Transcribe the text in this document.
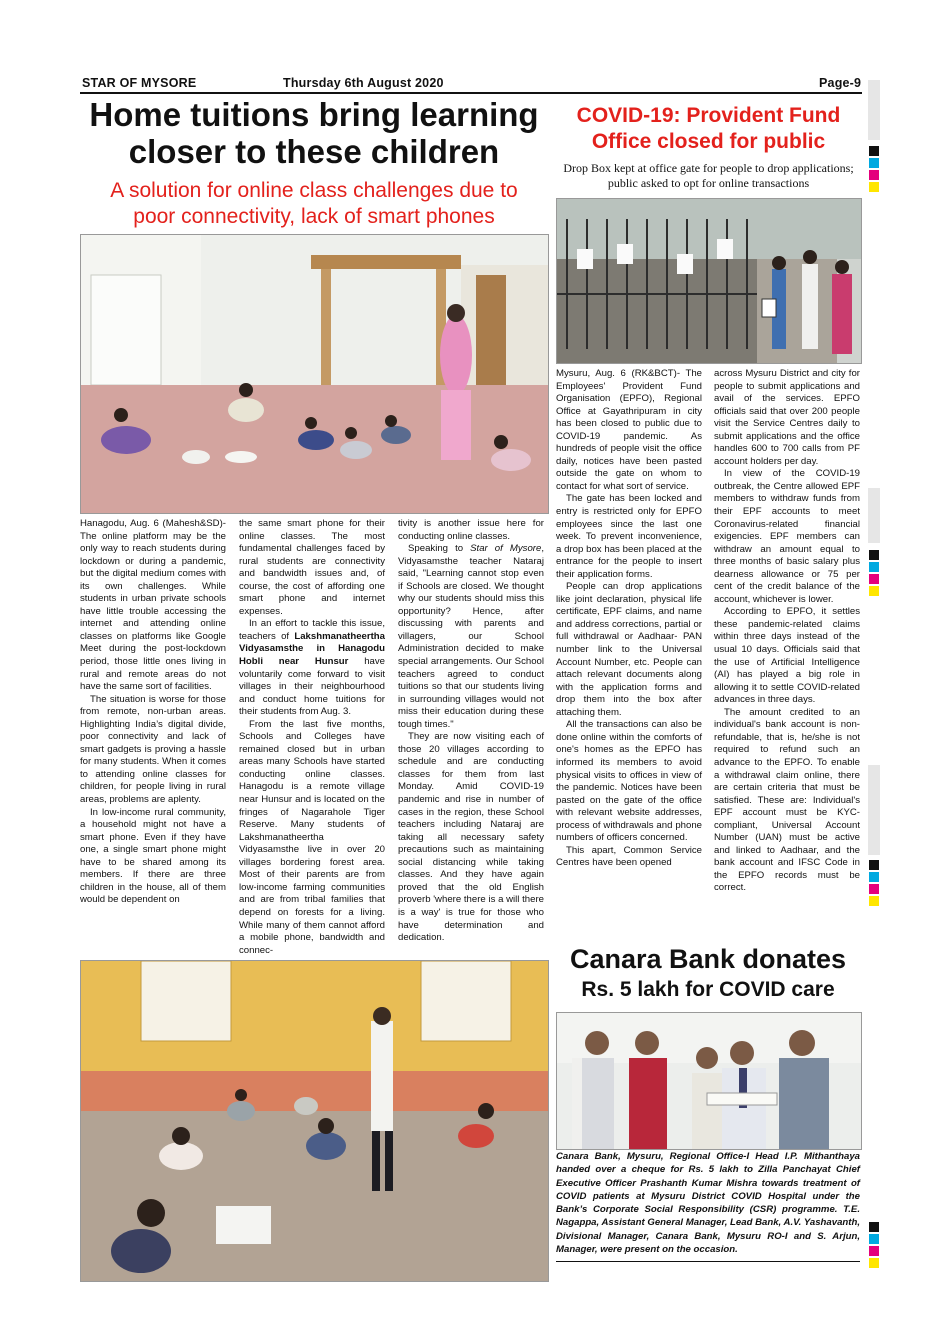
STAR OF MYSORE	Thursday 6th August 2020	Page-9
Home tuitions bring learning
closer to these children
A solution for online class challenges due to
poor connectivity, lack of smart phones

Hanagodu, Aug. 6 (Mahesh&SD)- The online platform may be the only way to reach students during lockdown or during a pandemic, but the digital medium comes with its own challenges. While students in urban private schools have little trouble accessing the internet and attending online classes on platforms like Google Meet during the post-lockdown period, those little ones living in rural and remote areas do not have the same sort of facilities.

The situation is worse for those from remote, non-urban areas. Highlighting India’s digital divide, poor connectivity and lack of smart gadgets is proving a hassle for many students. When it comes to attending online classes for children, for people living in rural areas, problems are aplenty.

In low-income rural community, a household might not have a smart phone. Even if they have one, a single smart phone might have to be shared among its members. If there are three children in the house, all of them would be dependent on

the same smart phone for their online classes. The most fundamental challenges faced by rural students are connectivity and bandwidth issues and, of course, the cost of affording one smart phone and internet expenses.

In an effort to tackle this issue, teachers of Lakshmanatheertha Vidyasamsthe in Hanagodu Hobli near Hunsur have voluntarily come forward to visit villages in their neighbourhood and conduct home tuitions for their students from Aug. 3.

From the last five months, Schools and Colleges have remained closed but in urban areas many Schools have started conducting online classes. Hanagodu is a remote village near Hunsur and is located on the fringes of Nagarahole Tiger Reserve. Many students of Lakshmanatheertha Vidyasamsthe live in over 20 villages bordering forest area. Most of their parents are from low-income farming communities and are from tribal families that depend on forests for a living. While many of them cannot afford a mobile phone, bandwidth and connec-

tivity is another issue here for conducting online classes.

Speaking to Star of Mysore, Vidyasamsthe teacher Nataraj said, "Learning cannot stop even if Schools are closed. We thought why our students should miss this opportunity? Hence, after discussing with parents and villagers, our School Administration decided to make special arrangements. Our School teachers agreed to conduct tuitions so that our students living in surrounding villages would not miss their education during these tough times."

They are now visiting each of those 20 villages according to schedule and are conducting classes for them from last Monday. Amid COVID-19 pandemic and rise in number of cases in the region, these School teachers including Nataraj are taking all necessary safety precautions such as maintaining social distancing while taking classes. And they have again proved that the old English proverb 'where there is a will there is a way' is true for those who have determination and dedication.

COVID-19: Provident Fund
Office closed for public
Drop Box kept at office gate for people to drop applications;
public asked to opt for online transactions

Mysuru, Aug. 6 (RK&BCT)- The Employees' Provident Fund Organisation (EPFO), Regional Office at Gayathripuram in city has been closed to public due to COVID-19 pandemic. As hundreds of people visit the office daily, notices have been pasted outside the gate on whom to contact for what sort of service.

The gate has been locked and entry is restricted only for EPFO employees since the last one week. To prevent inconvenience, a drop box has been placed at the entrance for the people to insert their application forms.

People can drop applications like joint declaration, physical life certificate, EPF claims, and name and address corrections, partial or full withdrawal or Aadhaar- PAN number link to the Universal Account Number, etc. People can attach relevant documents along with the application forms and drop them into the box after attaching them.

All the transactions can also be done online within the comforts of one's homes as the EPFO has informed its members to avoid physical visits to offices in view of the pandemic. Notices have been pasted on the gate of the office with relevant website addresses, process of withdrawals and phone numbers of officers concerned.

This apart, Common Service Centres have been opened

across Mysuru District and city for people to submit applications and avail of the services. EPFO officials said that over 200 people visit the Service Centres daily to submit applications and the office handles 600 to 700 calls from PF account holders per day.

In view of the COVID-19 outbreak, the Centre allowed EPF members to withdraw funds from their EPF accounts to meet Coronavirus-related financial exigencies. EPF members can withdraw an amount equal to three months of basic salary plus dearness allowance or 75 per cent of the credit balance of the account, whichever is lower.

According to EPFO, it settles these pandemic-related claims within three days instead of the usual 10 days. Officials said that the use of Artificial Intelligence (AI) has played a big role in allowing it to settle COVID-related advances in three days.

The amount credited to an individual's bank account is non-refundable, that is, he/she is not required to refund such an advance to the EPFO. To enable a withdrawal claim online, there are certain criteria that must be satisfied. These are: Individual's EPF account must be KYC-compliant, Universal Account Number (UAN) must be active and linked to Aadhaar, and the bank account and IFSC Code in the EPFO records must be correct.

Canara Bank donates
Rs. 5 lakh for COVID care
Canara Bank, Mysuru, Regional Office-I Head I.P. Mithanthaya handed over a cheque for Rs. 5 lakh to Zilla Panchayat Chief Executive Officer Prashanth Kumar Mishra towards treatment of COVID patients at Mysuru District COVID Hospital under the Bank’s Corporate Social Responsibility (CSR) programme. T.E. Nagappa, Assistant General Manager, Lead Bank, A.V. Yashavanth, Divisional Manager, Canara Bank, Mysuru RO-I and S. Arjun, Manager, were present on the occasion.
